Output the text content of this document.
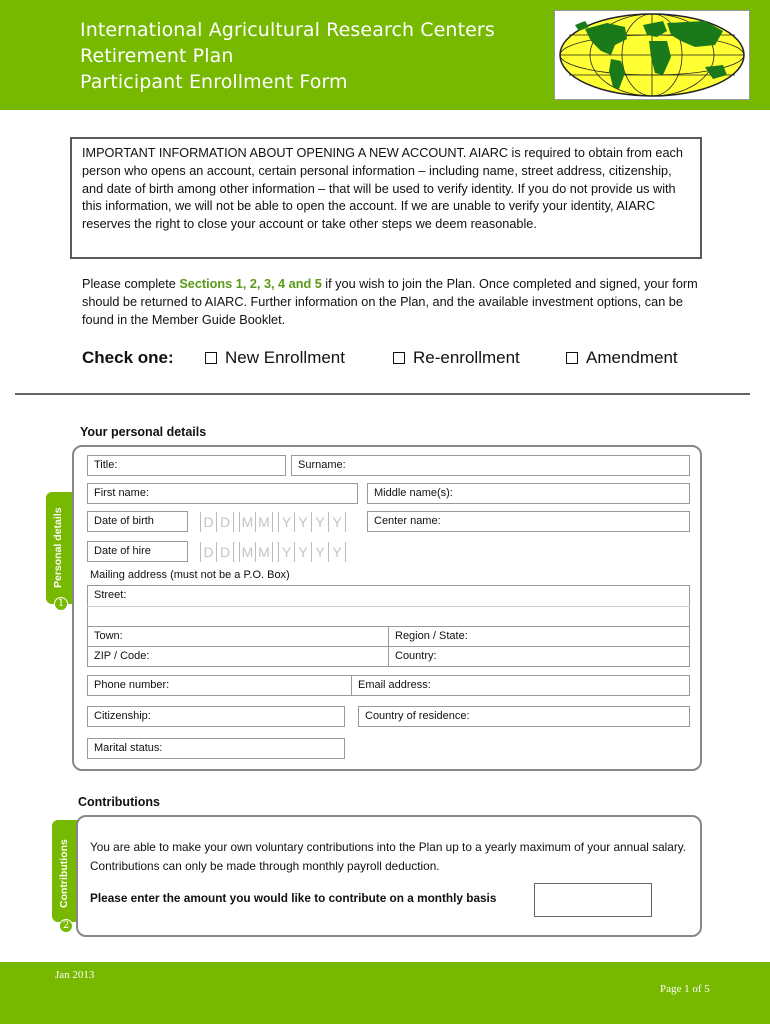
International Agricultural Research Centers
Retirement Plan
Participant Enrollment Form
IMPORTANT INFORMATION ABOUT OPENING A NEW ACCOUNT. AIARC is required to obtain from each person who opens an account, certain personal information – including name, street address, citizenship, and date of birth among other information – that will be used to verify identity. If you do not provide us with this information, we will not be able to open the account. If we are unable to verify your identity, AIARC reserves the right to close your account or take other steps we deem reasonable.
Please complete Sections 1, 2, 3, 4 and 5 if you wish to join the Plan. Once completed and signed, your form should be returned to AIARC. Further information on the Plan, and the available investment options, can be found in the Member Guide Booklet.
Check one:	New Enrollment	Re-enrollment	Amendment
Your personal details
Personal details
1
Title:	Surname:
First name:	Middle name(s):
Date of birth	D D M M Y Y Y Y	Center name:
Date of hire	D D M M Y Y Y Y
Mailing address (must not be a P.O. Box)
Street:
Town:	Region / State:
ZIP / Code:	Country:
Phone number:	Email address:
Citizenship:	Country of residence:
Marital status:
Contributions
Contributions
2
You are able to make your own voluntary contributions into the Plan up to a yearly maximum of your annual salary. Contributions can only be made through monthly payroll deduction.
Please enter the amount you would like to contribute on a monthly basis
Jan 2013
Page 1 of 5
